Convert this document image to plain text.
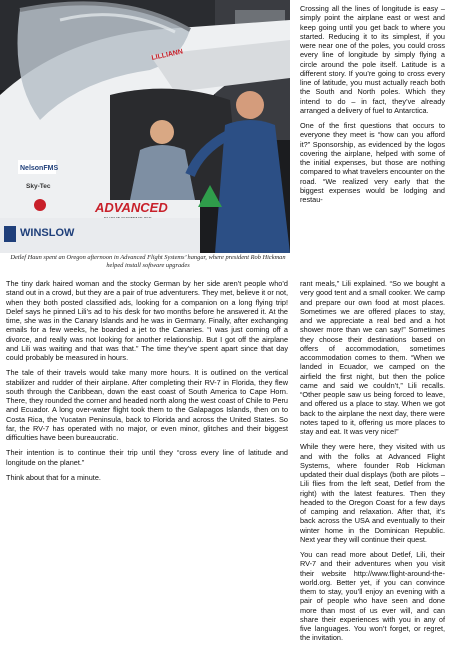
LILLIANN
NelsonFMS
Sky-Tec
ADVANCED
WINSLOW
Detlef Haun spent an Oregon afternoon in Advanced Flight Systems’ hangar, where president Rob Hickman helped install software upgrades

Crossing all the lines of longitude is easy – simply point the airplane east or west and keep going until you get back to where you started. Reducing it to its simplest, if you were near one of the poles, you could cross every line of longitude by simply flying a circle around the pole itself. Latitude is a different story. If you’re going to cross every line of latitude, you must actually reach both the South and North poles. Which they intend to do – in fact, they’ve already arranged a delivery of fuel to Antarctica.

One of the first questions that occurs to everyone they meet is “how can you afford it?” Sponsorship, as evidenced by the logos covering the airplane, helped with some of the initial expenses, but those are nothing compared to what travelers encounter on the road. “We realized very early that the biggest expenses would be lodging and restau-

The tiny dark haired woman and the stocky German by her side aren’t people who’d stand out in a crowd, but they are a pair of true adventurers. They met, believe it or not, when they both posted classified ads, looking for a companion on a long flying trip! Delef says he pinned Lili’s ad to his desk for two months before he answered it. At the time, she was in the Canary Islands and he was in Germany. Finally, after exchanging emails for a few weeks, he boarded a jet to the Canaries. “I was just coming off a divorce, and really was not looking for another relationship. But I got off the airplane and Lili was waiting and that was that.” The time they’ve spent apart since that day could probably be measured in hours.

The tale of their travels would take many more hours. It is outlined on the vertical stabilizer and rudder of their airplane. After completing their RV-7 in Florida, they flew south through the Caribbean, down the east coast of South America to Cape Horn. There, they rounded the corner and headed north along the west coast of Chile to Peru and Ecuador. A long over-water flight took them to the Galapagos Islands, then on to Costa Rica, the Yucatan Peninsula, back to Florida and across the United States. So far, the RV-7 has operated with no major, or even minor, glitches and their biggest difficulties have been bureaucratic.

Their intention is to continue their trip until they “cross every line of latitude and longitude on the planet.”

Think about that for a minute.

rant meals,” Lili explained. “So we bought a very good tent and a small cooker. We camp and prepare our own food at most places. Sometimes we are offered places to stay, and we appreciate a real bed and a hot shower more than we can say!” Sometimes they choose their destinations based on offers of accommodation, sometimes accommodation comes to them. “When we landed in Ecuador, we camped on the airfield the first night, but then the police came and said we couldn’t,” Lili recalls. “Other people saw us being forced to leave, and offered us a place to stay. When we got back to the airplane the next day, there were notes taped to it, offering us more places to stay and eat. It was very nice!”

While they were here, they visited with us and with the folks at Advanced Flight Systems, where founder Rob Hickman updated their dual displays (both are pilots – Lili flies from the left seat, Detlef from the right) with the latest features. Then they headed to the Oregon Coast for a few days of camping and relaxation. After that, it’s back across the USA and eventually to their winter home in the Dominican Republic. Next year they will continue their quest.

You can read more about Detlef, Lili, their RV-7 and their adventures when you visit their website http://www.flight-around-the-world.org. Better yet, if you can convince them to stay, you’ll enjoy an evening with a pair of people who have seen and done more than most of us ever will, and can share their experiences with you in any of five languages. You won’t forget, or regret, the invitation.
